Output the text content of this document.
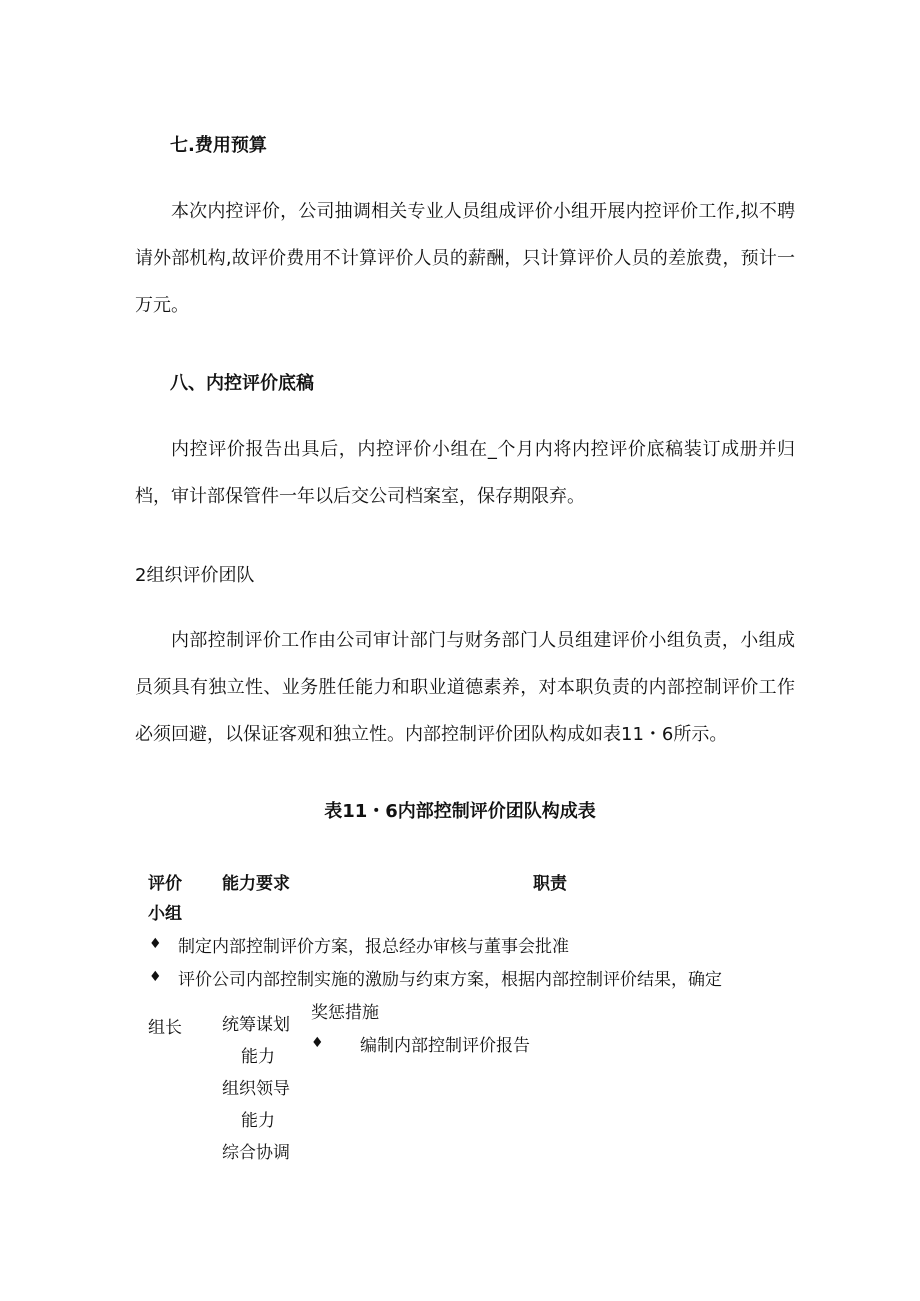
七.费用预算
本次内控评价，公司抽调相关专业人员组成评价小组开展内控评价工作,拟不聘请外部机构,故评价费用不计算评价人员的薪酬，只计算评价人员的差旅费，预计一万元。
八、内控评价底稿
内控评价报告出具后，内控评价小组在_个月内将内控评价底稿装订成册并归档，审计部保管件一年以后交公司档案室，保存期限弃。
2组织评价团队
内部控制评价工作由公司审计部门与财务部门人员组建评价小组负责，小组成员须具有独立性、业务胜任能力和职业道德素养，对本职负责的内部控制评价工作必须回避，以保证客观和独立性。内部控制评价团队构成如表11・6所示。
表11・6内部控制评价团队构成表
评价
小组
能力要求	职责
♦ 制定内部控制评价方案，报总经办审核与董事会批准
♦ 评价公司内部控制实施的激励与约束方案，根据内部控制评价结果，确定
奖惩措施
♦ 编制内部控制评价报告
组长 统筹谋划
能力
组织领导
能力
综合协调
